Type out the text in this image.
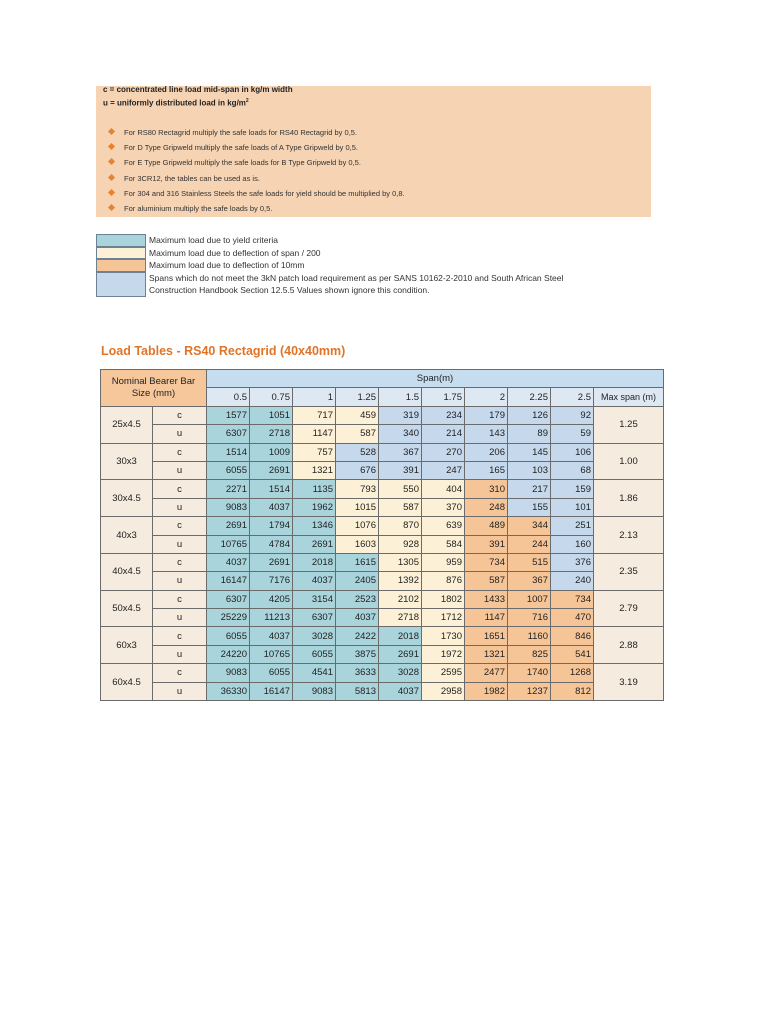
c = concentrated line load mid-span in kg/m width
u = uniformly distributed load in $kg/m^2$
For RS80 Rectagrid multiply the safe loads for RS40 Rectagrid by 0,5.
For D Type Gripweld multiply the safe loads of A Type Gripweld by 0,5.
For E Type Gripweld multiply the safe loads for B Type Gripweld by 0,5.
For 3CR12, the tables can be used as is.
For 304 and 316 Stainless Steels the safe loads for yield should be multiplied by 0,8.
For aluminium multiply the safe loads by 0,5.
Maximum load due to yield criteria
Maximum load due to deflection of span / 200
Maximum load due to deflection of 10mm
Spans which do not meet the 3kN patch load requirement as per SANS 10162-2-2010 and South African Steel
Construction Handbook Section 12.5.5 Values shown ignore this condition.
Load Tables - RS40 Rectagrid (40x40mm)
Nominal Bearer Bar
Size (mm)		Span(m)									
		0.5	0.75	1	1.25	1.5	1.75	2	2.25	2.5	Max span (m)
25x4.5	c	1577	1051	717	459	319	234	179	126	92	1.25
	u	6307	2718	1147	587	340	214	143	89	59	
30x3	c	1514	1009	757	528	367	270	206	145	106	1.00
	u	6055	2691	1321	676	391	247	165	103	68	
30x4.5	c	2271	1514	1135	793	550	404	310	217	159	1.86
	u	9083	4037	1962	1015	587	370	248	155	101	
40x3	c	2691	1794	1346	1076	870	639	489	344	251	2.13
	u	10765	4784	2691	1603	928	584	391	244	160	
40x4.5	c	4037	2691	2018	1615	1305	959	734	515	376	2.35
	u	16147	7176	4037	2405	1392	876	587	367	240	
50x4.5	c	6307	4205	3154	2523	2102	1802	1433	1007	734	2.79
	u	25229	11213	6307	4037	2718	1712	1147	716	470	
60x3	c	6055	4037	3028	2422	2018	1730	1651	1160	846	2.88
	u	24220	10765	6055	3875	2691	1972	1321	825	541	
60x4.5	c	9083	6055	4541	3633	3028	2595	2477	1740	1268	3.19
	u	36330	16147	9083	5813	4037	2958	1982	1237	812	
